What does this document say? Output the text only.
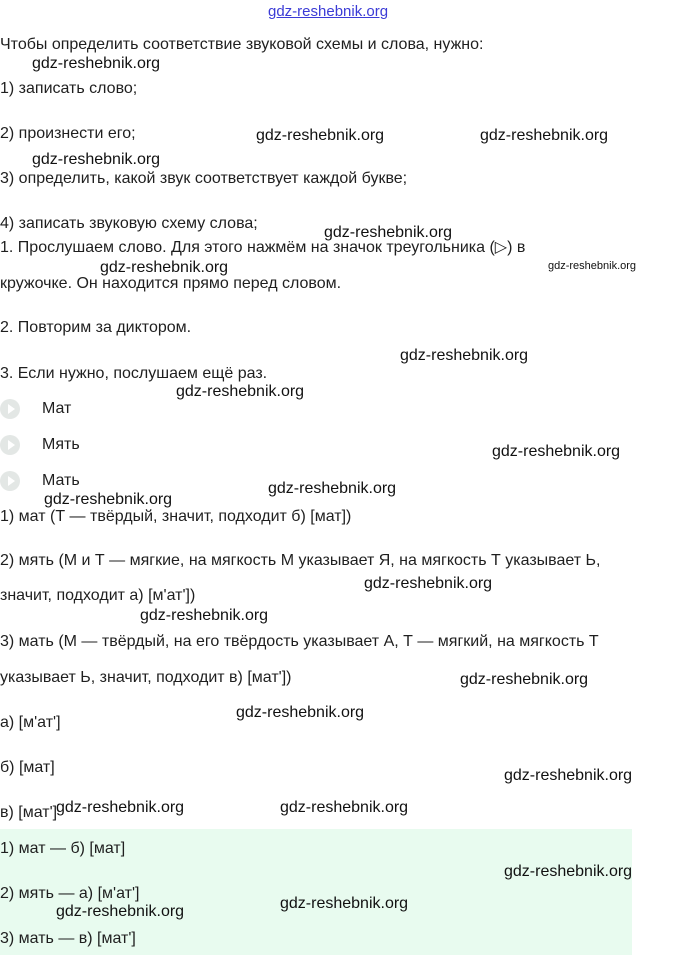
gdz-reshebnik.org
gdz-reshebnik.org
gdz-reshebnik.org	gdz-reshebnik.org
gdz-reshebnik.org
gdz-reshebnik.org
gdz-reshebnik.org
gdz-reshebnik.org
gdz-reshebnik.org
gdz-reshebnik.org
gdz-reshebnik.org
gdz-reshebnik.org
gdz-reshebnik.org
gdz-reshebnik.org
gdz-reshebnik.org
gdz-reshebnik.org
gdz-reshebnik.org
gdz-reshebnik.org
Чтобы определить соответствие звуковой схемы и слова, нужно:
1) записать слово;
2) произнести его;
3) определить, какой звук соответствует каждой букве;
4) записать звуковую схему слова;
1. Прослушаем слово. Для этого нажмём на значок треугольника (▷) в
кружочке. Он находится прямо перед словом.
2. Повторим за диктором.
3. Если нужно, послушаем ещё раз.
Мат
Мять
Мать
1) мат (Т — твёрдый, значит, подходит б) [мат])
2) мять (М и Т — мягкие, на мягкость М указывает Я, на мягкость Т указывает Ь,
значит, подходит а) [м'ат'])
3) мать (М — твёрдый, на его твёрдость указывает А, Т — мягкий, на мягкость Т
указывает Ь, значит, подходит в) [мат'])
а) [м'ат']
б) [мат]
в) [мат']
gdz-reshebnik.org	gdz-reshebnik.org
1) мат — б) [мат]
2) мять — а) [м'ат']
3) мать — в) [мат']
gdz-reshebnik.org
gdz-reshebnik.org	gdz-reshebnik.org
